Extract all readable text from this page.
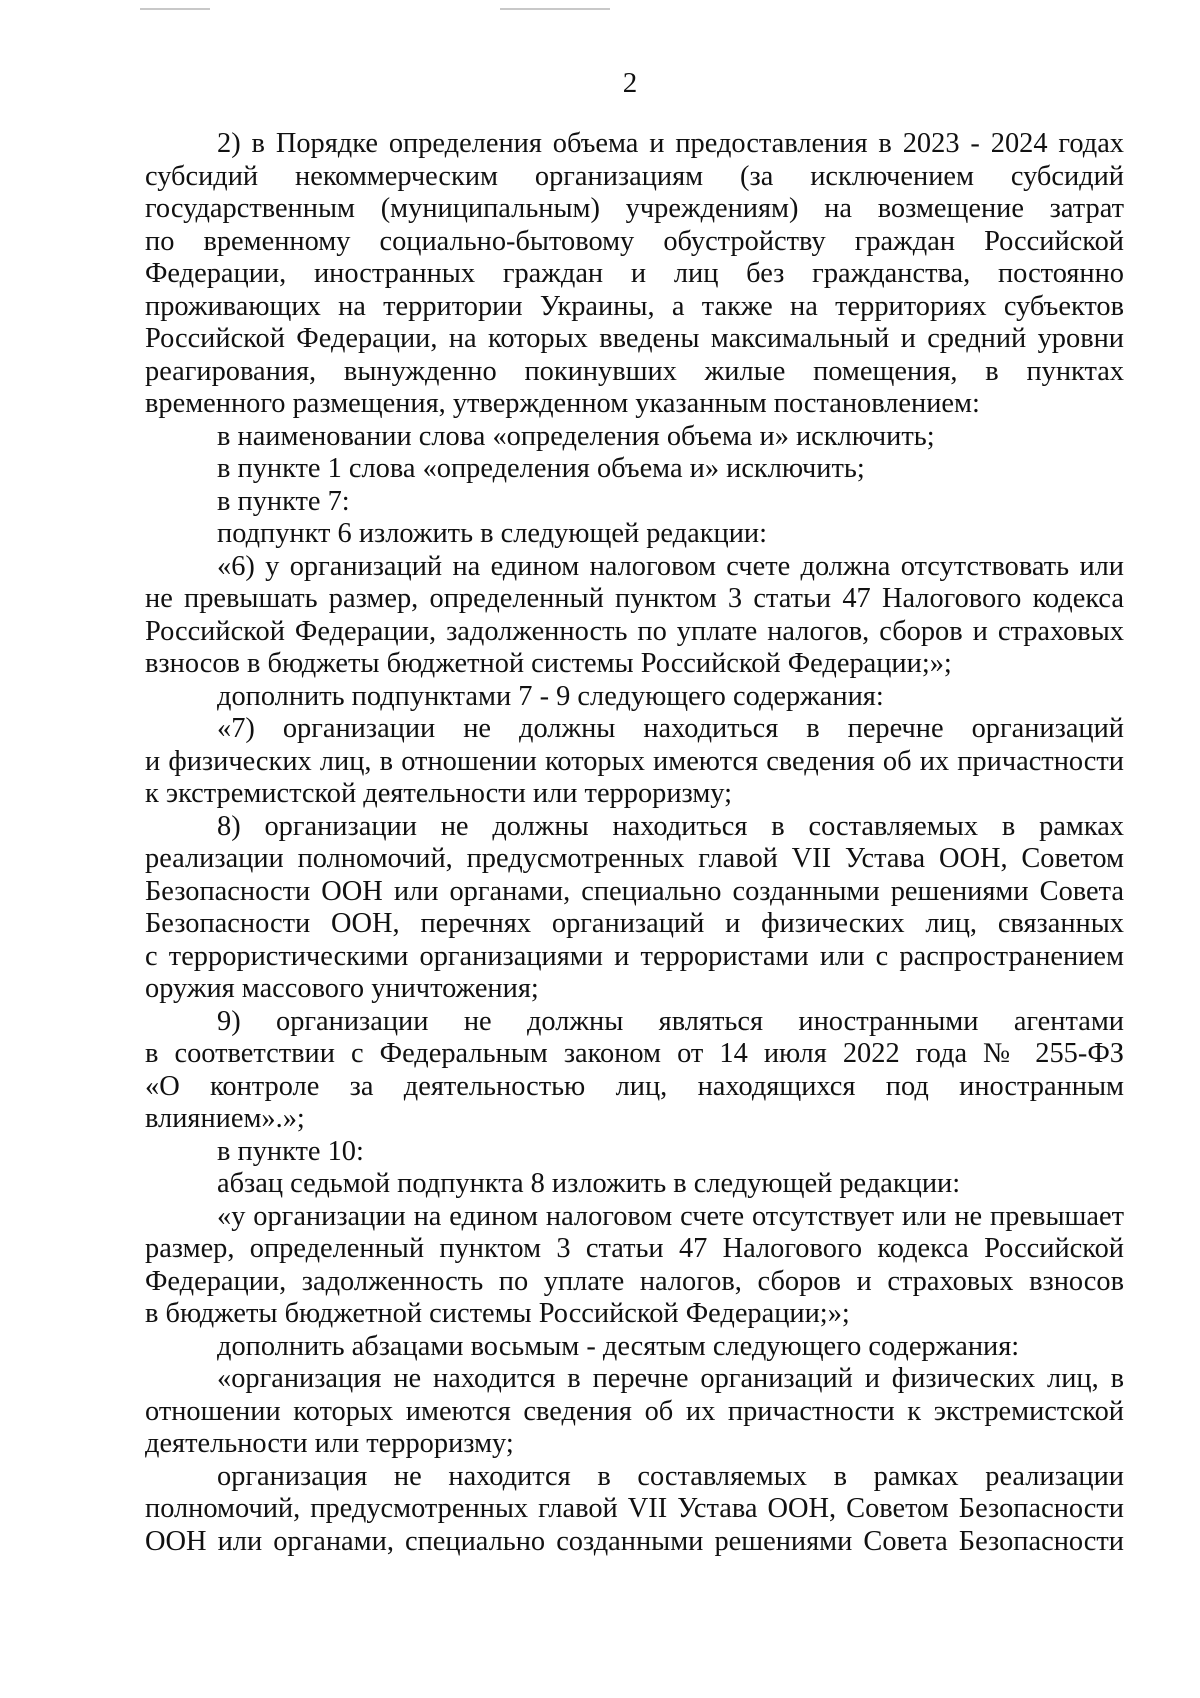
2

2) в Порядке определения объема и предоставления в 2023 - 2024 годах
субсидий некоммерческим организациям (за исключением субсидий
государственным (муниципальным) учреждениям) на возмещение затрат
по временному социально-бытовому обустройству граждан Российской
Федерации, иностранных граждан и лиц без гражданства, постоянно
проживающих на территории Украины, а также на территориях субъектов
Российской Федерации, на которых введены максимальный и средний уровни
реагирования, вынужденно покинувших жилые помещения, в пунктах
временного размещения, утвержденном указанным постановлением:

в наименовании слова «определения объема и» исключить;

в пункте 1 слова «определения объема и» исключить;

в пункте 7:

подпункт 6 изложить в следующей редакции:

«6) у организаций на едином налоговом счете должна отсутствовать или
не превышать размер, определенный пунктом 3 статьи 47 Налогового кодекса
Российской Федерации, задолженность по уплате налогов, сборов и страховых
взносов в бюджеты бюджетной системы Российской Федерации;»;

дополнить подпунктами 7 - 9 следующего содержания:

«7) организации не должны находиться в перечне организаций
и физических лиц, в отношении которых имеются сведения об их причастности
к экстремистской деятельности или терроризму;

8) организации не должны находиться в составляемых в рамках
реализации полномочий, предусмотренных главой VII Устава ООН, Советом
Безопасности ООН или органами, специально созданными решениями Совета
Безопасности ООН, перечнях организаций и физических лиц, связанных
с террористическими организациями и террористами или с распространением
оружия массового уничтожения;

9) организации не должны являться иностранными агентами
в соответствии с Федеральным законом от 14 июля 2022 года № 255-ФЗ
«О контроле за деятельностью лиц, находящихся под иностранным
влиянием».»;

в пункте 10:

абзац седьмой подпункта 8 изложить в следующей редакции:

«у организации на едином налоговом счете отсутствует или не превышает
размер, определенный пунктом 3 статьи 47 Налогового кодекса Российской
Федерации, задолженность по уплате налогов, сборов и страховых взносов
в бюджеты бюджетной системы Российской Федерации;»;

дополнить абзацами восьмым - десятым следующего содержания:

«организация не находится в перечне организаций и физических лиц, в
отношении которых имеются сведения об их причастности к экстремистской
деятельности или терроризму;

организация не находится в составляемых в рамках реализации
полномочий, предусмотренных главой VII Устава ООН, Советом Безопасности
ООН или органами, специально созданными решениями Совета Безопасности
